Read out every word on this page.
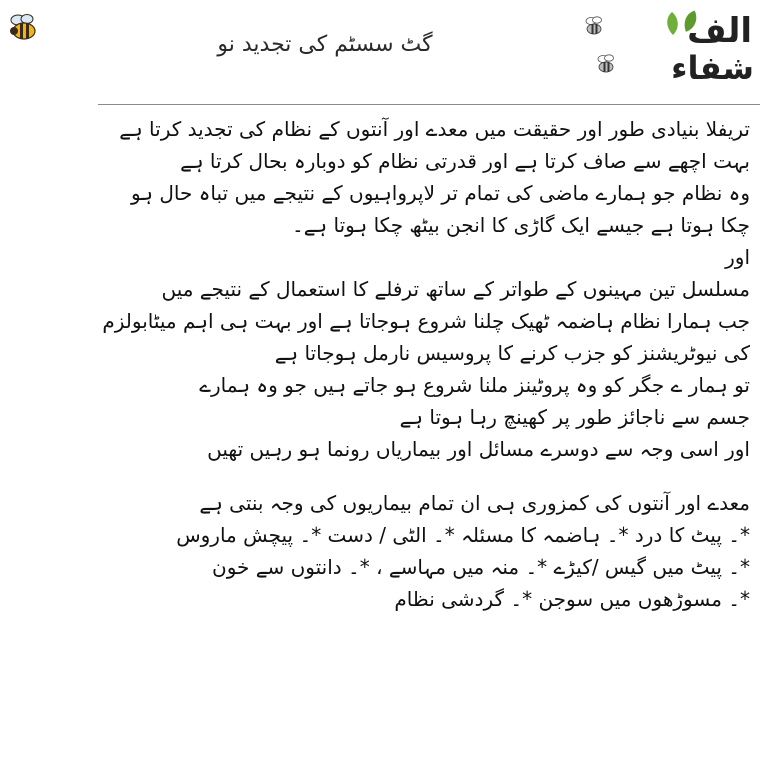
گٹ سسٹم کی تجدید نو	الف
شفاء
تریفلا بنیادی طور اور حقیقت میں معدے اور آنتوں کے نظام کی تجدید کرتا ہے
بہت اچھے سے صاف کرتا ہے اور قدرتی نظام کو دوبارہ بحال کرتا ہے
وہ نظام جو ہمارے ماضی کی تمام تر لاپرواہیوں کے نتیجے میں تباہ حال ہو
چکا ہوتا ہے جیسے ایک گاڑی کا انجن بیٹھ چکا ہوتا ہے۔
اور
مسلسل تین مہینوں کے طواتر کے ساتھ ترفلے کا استعمال کے نتیجے میں
جب ہمارا نظام ہاضمہ ٹھیک چلنا شروع ہوجاتا ہے اور بہت ہی اہم میٹابولزم
کی نیوٹریشنز کو جزب کرنے کا پروسیس نارمل ہوجاتا ہے
تو ہمار ے جگر کو وہ پروٹینز ملنا شروع ہو جاتے ہیں جو وہ ہمارے
جسم سے ناجائز طور پر کھینچ رہا ہوتا ہے
اور اسی وجہ سے دوسرے مسائل اور بیماریاں رونما ہو رہیں تھیں
معدے اور آنتوں کی کمزوری ہی ان تمام بیماریوں کی وجہ بنتی ہے
*۔ پیٹ کا درد *۔ ہاضمہ کا مسئلہ *۔ الٹی / دست *۔ پیچش ماروس
*۔ پیٹ میں گیس /کیڑے *۔ منہ میں مہاسے ، *۔ دانتوں سے خون
*۔ مسوڑھوں میں سوجن *۔ گردشی نظام
